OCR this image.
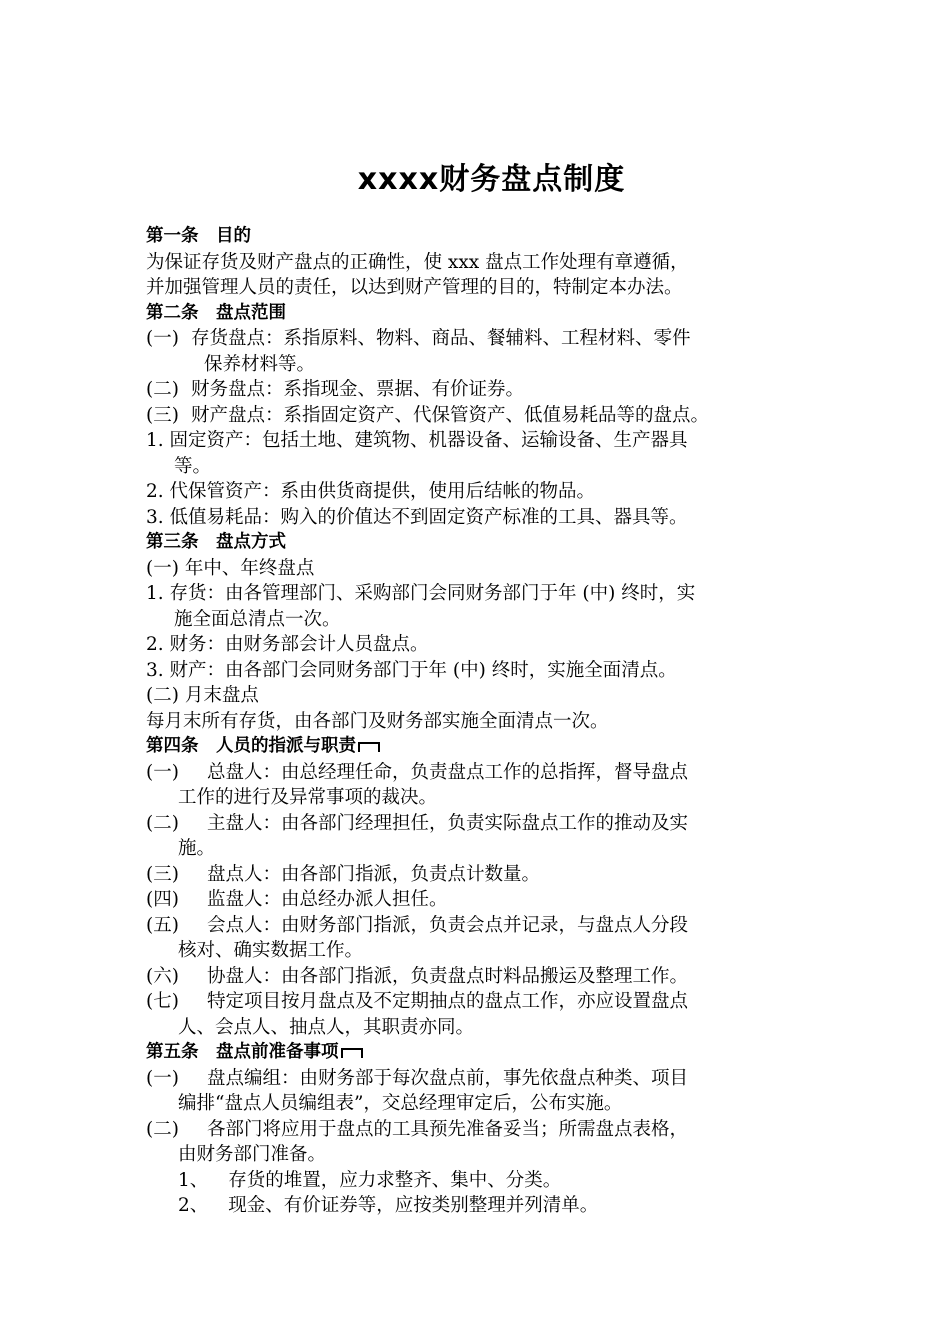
xxxx财务盘点制度
第一条　目的
为保证存货及财产盘点的正确性，使 xxx 盘点工作处理有章遵循，
并加强管理人员的责任，以达到财产管理的目的，特制定本办法。
第二条　盘点范围
(一) 存货盘点：系指原料、物料、商品、餐辅料、工程材料、零件
保养材料等。
(二) 财务盘点：系指现金、票据、有价证券。
(三) 财产盘点：系指固定资产、代保管资产、低值易耗品等的盘点。
1. 固定资产：包括土地、建筑物、机器设备、运输设备、生产器具
等。
2. 代保管资产：系由供货商提供，使用后结帐的物品。
3. 低值易耗品：购入的价值达不到固定资产标准的工具、器具等。
第三条　盘点方式
(一) 年中、年终盘点
1. 存货：由各管理部门、采购部门会同财务部门于年 (中) 终时，实
施全面总清点一次。
2. 财务：由财务部会计人员盘点。
3. 财产：由各部门会同财务部门于年 (中) 终时，实施全面清点。
(二) 月末盘点
每月末所有存货，由各部门及财务部实施全面清点一次。
第四条　人员的指派与职责
(一) 总盘人：由总经理任命，负责盘点工作的总指挥，督导盘点
工作的进行及异常事项的裁决。
(二) 主盘人：由各部门经理担任，负责实际盘点工作的推动及实
施。
(三) 盘点人：由各部门指派，负责点计数量。
(四) 监盘人：由总经办派人担任。
(五) 会点人：由财务部门指派，负责会点并记录，与盘点人分段
核对、确实数据工作。
(六) 协盘人：由各部门指派，负责盘点时料品搬运及整理工作。
(七) 特定项目按月盘点及不定期抽点的盘点工作，亦应设置盘点
人、会点人、抽点人，其职责亦同。
第五条　盘点前准备事项
(一) 盘点编组：由财务部于每次盘点前，事先依盘点种类、项目
编排“盘点人员编组表”，交总经理审定后，公布实施。
(二) 各部门将应用于盘点的工具预先准备妥当；所需盘点表格，
由财务部门准备。
1、 存货的堆置，应力求整齐、集中、分类。
2、 现金、有价证券等，应按类别整理并列清单。
